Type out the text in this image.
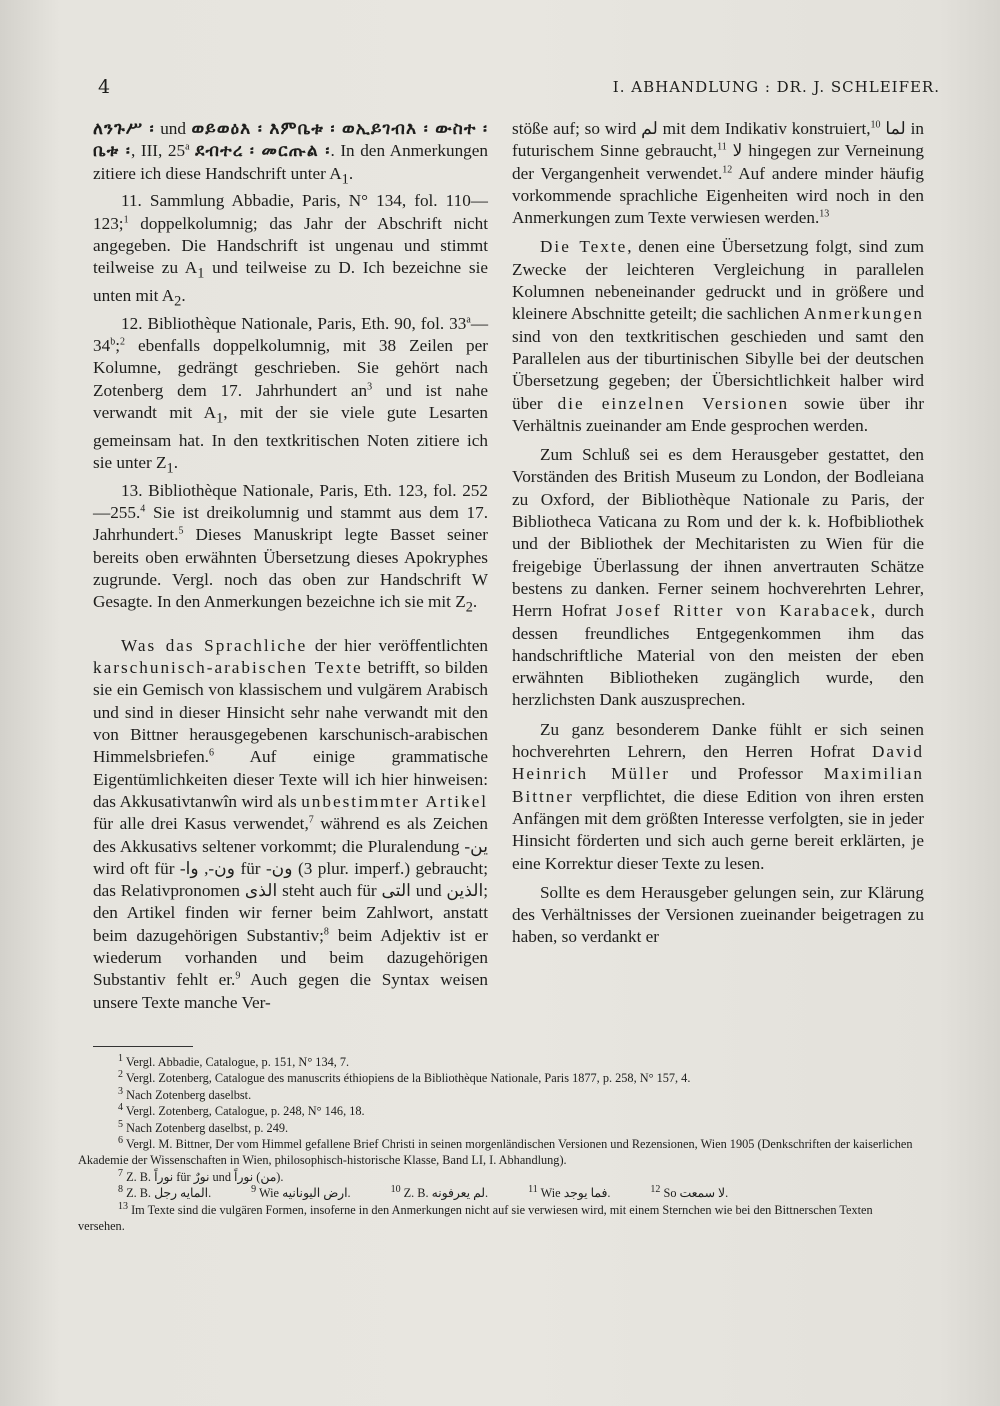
4	I. ABHANDLUNG : DR. J. SCHLEIFER.

ለንጉሥ ፡ und ወይወዕእ ፡ እምቤቱ ፡ ወኢይገብእ ፡ ውስተ ፡ ቤቱ ፡, III, 25$^a$ ደብተረ ፡ መርጡል ፡. In den Anmerkungen zitiere ich diese Handschrift unter $A_1$.

11. Sammlung Abbadie, Paris, N° 134, fol. 110—123;$^1$ doppelkolumnig; das Jahr der Abschrift nicht angegeben. Die Handschrift ist ungenau und stimmt teilweise zu $A_1$ und teilweise zu D. Ich bezeichne sie unten mit $A_2$.

12. Bibliothèque Nationale, Paris, Eth. 90, fol. 33$^a$—34$^b$;$^2$ ebenfalls doppelkolumnig, mit 38 Zeilen per Kolumne, gedrängt geschrieben. Sie gehört nach Zotenberg dem 17. Jahrhundert $an^3$ und ist nahe verwandt mit $A_1$, mit der sie viele gute Lesarten gemeinsam hat. In den textkritischen Noten zitiere ich sie unter $Z_1$.

13. Bibliothèque Nationale, Paris, Eth. 123, fol. 252—255.$^4$ Sie ist dreikolumnig und stammt aus dem 17. Jahrhundert.$^5$ Dieses Manuskript legte Basset seiner bereits oben erwähnten Übersetzung dieses Apokryphes zugrunde. Vergl. noch das oben zur Handschrift W Gesagte. In den Anmerkungen bezeichne ich sie mit $Z_2$.

Was das Sprachliche der hier veröffentlichten karschunisch-arabischen Texte betrifft, so bilden sie ein Gemisch von klassischem und vulgärem Arabisch und sind in dieser Hinsicht sehr nahe verwandt mit den von Bittner herausgegebenen karschunisch-arabischen Himmelsbriefen.$^6$ Auf einige grammatische Eigentümlichkeiten dieser Texte will ich hier hinweisen: das Akkusativtanwîn wird als unbestimmter Artikel für alle drei Kasus verwendet,$^7$ während es als Zeichen des Akkusativs seltener vorkommt; die Pluralendung ين- wird oft für ون-, وا- für ون- (3 plur. imperf.) gebraucht; das Relativpronomen الذى steht auch für التى und الذين; den Artikel finden wir ferner beim Zahlwort, anstatt beim dazugehörigen Substantiv;$^8$ beim Adjektiv ist er wiederum vorhanden und beim dazugehörigen Substantiv fehlt er.$^9$ Auch gegen die Syntax weisen unsere Texte manche Ver-

stöße auf; so wird لم mit dem Indikativ konstruiert,$^{10}$ لما in futurischem Sinne gebraucht,$^{11}$ لا hingegen zur Verneinung der Vergangenheit verwendet.$^{12}$ Auf andere minder häufig vorkommende sprachliche Eigenheiten wird noch in den Anmerkungen zum Texte verwiesen werden.$^{13}$

Die Texte, denen eine Übersetzung folgt, sind zum Zwecke der leichteren Vergleichung in parallelen Kolumnen nebeneinander gedruckt und in größere und kleinere Abschnitte geteilt; die sachlichen Anmerkungen sind von den textkritischen geschieden und samt den Parallelen aus der tiburtinischen Sibylle bei der deutschen Übersetzung gegeben; der Übersichtlichkeit halber wird über die einzelnen Versionen sowie über ihr Verhältnis zueinander am Ende gesprochen werden.

Zum Schluß sei es dem Herausgeber gestattet, den Vorständen des British Museum zu London, der Bodleiana zu Oxford, der Bibliothèque Nationale zu Paris, der Bibliotheca Vaticana zu Rom und der k. k. Hofbibliothek und der Bibliothek der Mechitaristen zu Wien für die freigebige Überlassung der ihnen anvertrauten Schätze bestens zu danken. Ferner seinem hochverehrten Lehrer, Herrn Hofrat Josef Ritter von Karabacek, durch dessen freundliches Entgegenkommen ihm das handschriftliche Material von den meisten der eben erwähnten Bibliotheken zugänglich wurde, den herzlichsten Dank auszusprechen.

Zu ganz besonderem Danke fühlt er sich seinen hochverehrten Lehrern, den Herren Hofrat David Heinrich Müller und Professor Maximilian Bittner verpflichtet, die diese Edition von ihren ersten Anfängen mit dem größten Interesse verfolgten, sie in jeder Hinsicht förderten und sich auch gerne bereit erklärten, je eine Korrektur dieser Texte zu lesen.

Sollte es dem Herausgeber gelungen sein, zur Klärung des Verhältnisses der Versionen zueinander beigetragen zu haben, so verdankt er

$^1$ Vergl. Abbadie, Catalogue, p. 151, N° 134, 7.

$^2$ Vergl. Zotenberg, Catalogue des manuscrits éthiopiens de la Bibliothèque Nationale, Paris 1877, p. 258, N° 157, 4.

$^3$ Nach Zotenberg daselbst.

$^4$ Vergl. Zotenberg, Catalogue, p. 248, N° 146, 18.

$^5$ Nach Zotenberg daselbst, p. 249.

$^6$ Vergl. M. Bittner, Der vom Himmel gefallene Brief Christi in seinen morgenländischen Versionen und Rezensionen, Wien 1905 (Denkschriften der kaiserlichen Akademie der Wissenschaften in Wien, philosophisch-historische Klasse, Band LI, I. Abhandlung).

$^7$ Z. B. نوراً für نورٌ und (من) نوراً.

$^8$ Z. B. المايه رجل.	$^9$ Wie ارض اليونانيه.	$^{10}$ Z. B. لم يعرفونه.	$^{11}$ Wie فما يوجد.	$^{12}$ So لا سمعت.

$^{13}$ Im Texte sind die vulgären Formen, insoferne in den Anmerkungen nicht auf sie verwiesen wird, mit einem Sternchen wie bei den Bittnerschen Texten versehen.
